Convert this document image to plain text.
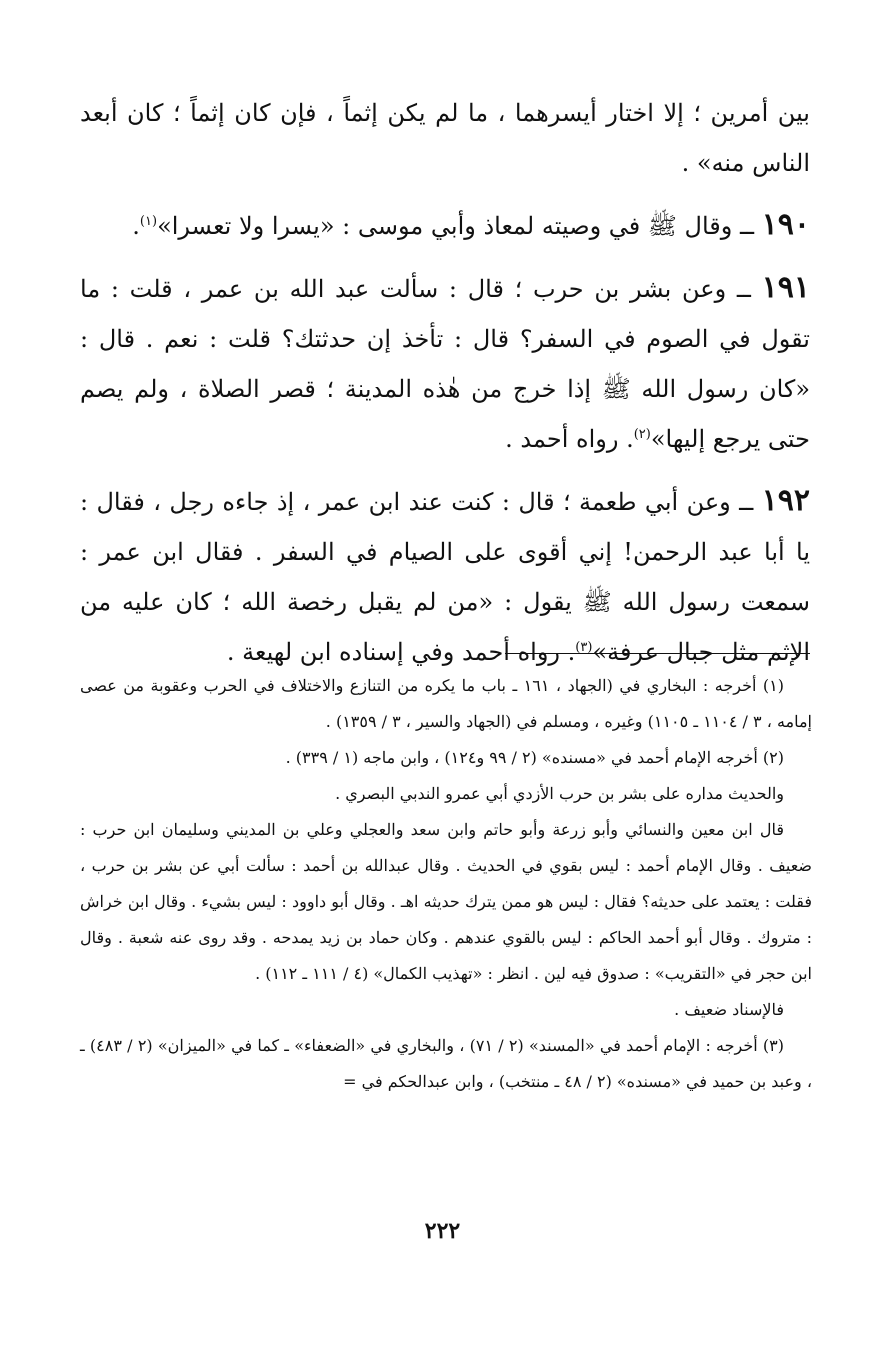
بين أمرين ؛ إلا اختار أيسرهما ، ما لم يكن إثماً ، فإن كان إثماً ؛ كان أبعد الناس منه» .

١٩٠ ــ وقال ﷺ في وصيته لمعاذ وأبي موسى : «يسرا ولا تعسرا»$^{(١)}$.

١٩١ ــ وعن بشر بن حرب ؛ قال : سألت عبد الله بن عمر ، قلت : ما تقول في الصوم في السفر؟ قال : تأخذ إن حدثتك؟ قلت : نعم . قال : «كان رسول الله ﷺ إذا خرج من هٰذه المدينة ؛ قصر الصلاة ، ولم يصم حتى يرجع إليها»$^{(٢)}$. رواه أحمد .

١٩٢ ــ وعن أبي طعمة ؛ قال : كنت عند ابن عمر ، إذ جاءه رجل ، فقال : يا أبا عبد الرحمن! إني أقوى على الصيام في السفر . فقال ابن عمر : سمعت رسول الله ﷺ يقول : «من لم يقبل رخصة الله ؛ كان عليه من الإثم مثل جبال عرفة»$^{(٣)}$. رواه أحمد وفي إسناده ابن لهيعة .

(١) أخرجه : البخاري في (الجهاد ، ١٦١ ـ باب ما يكره من التنازع والاختلاف في الحرب وعقوبة من عصى إمامه ، ٣ / ١١٠٤ ـ ١١٠٥) وغيره ، ومسلم في (الجهاد والسير ، ٣ / ١٣٥٩) .

(٢) أخرجه الإمام أحمد في «مسنده» (٢ / ٩٩ و١٢٤) ، وابن ماجه (١ / ٣٣٩) .

والحديث مداره على بشر بن حرب الأزدي أبي عمرو الندبي البصري .

قال ابن معين والنسائي وأبو زرعة وأبو حاتم وابن سعد والعجلي وعلي بن المديني وسليمان ابن حرب : ضعيف . وقال الإمام أحمد : ليس بقوي في الحديث . وقال عبدالله بن أحمد : سألت أبي عن بشر بن حرب ، فقلت : يعتمد على حديثه؟ فقال : ليس هو ممن يترك حديثه اهـ . وقال أبو داوود : ليس بشيء . وقال ابن خراش : متروك . وقال أبو أحمد الحاكم : ليس بالقوي عندهم . وكان حماد بن زيد يمدحه . وقد روى عنه شعبة . وقال ابن حجر في «التقريب» : صدوق فيه لين . انظر : «تهذيب الكمال» (٤ / ١١١ ـ ١١٢) .

فالإسناد ضعيف .

(٣) أخرجه : الإمام أحمد في «المسند» (٢ / ٧١) ، والبخاري في «الضعفاء» ـ كما في «الميزان» (٢ / ٤٨٣) ـ ، وعبد بن حميد في «مسنده» (٢ / ٤٨ ـ منتخب) ، وابن عبدالحكم في =

٢٢٢
